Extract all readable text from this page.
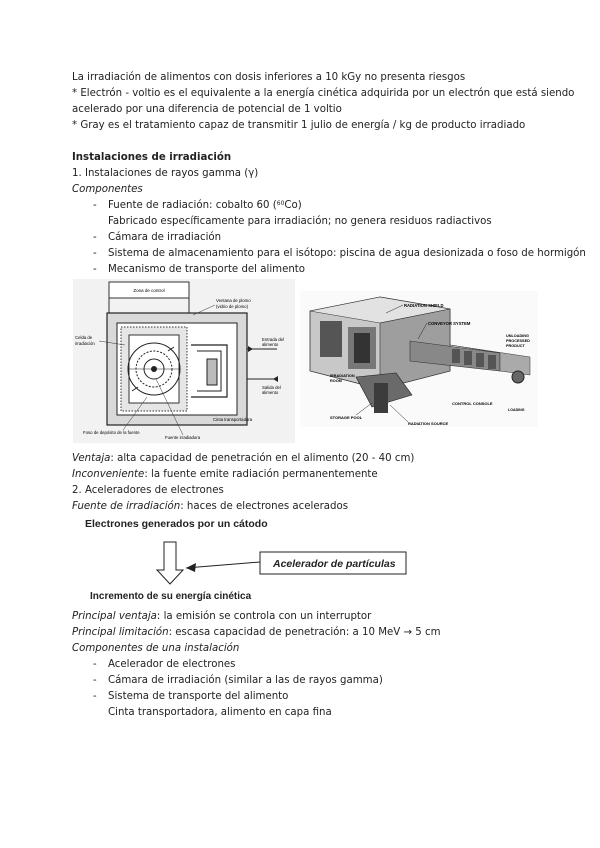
La irradiación de alimentos con dosis inferiores a 10 kGy no presenta riesgos
* Electrón - voltio es el equivalente a la energía cinética adquirida por un electrón que está siendo
acelerado por una diferencia de potencial de 1 voltio
* Gray es el tratamiento capaz de transmitir 1 julio de energía / kg de producto irradiado
Instalaciones de irradiación
1. Instalaciones de rayos gamma (γ)
Componentes
- Fuente de radiación: cobalto 60 ($^{60}$Co)
Fabricado específicamente para irradiación; no genera residuos radiactivos
- Cámara de irradiación
- Sistema de almacenamiento para el isótopo: piscina de agua desionizada o foso de hormigón
- Mecanismo de transporte del alimento
Zona de control
Ventana de plomo
(vidrio de plomo)
Celda de
irradiación
Entrada del
alimento
Salida del
alimento
Foso de depósito de la fuente
Fuente irradiadora
Cinta transportadora
RADIATION SHIELD
CONVEYOR SYSTEM
UNLOADING
PROCESSED
PRODUCT
IRRADIATION
ROOM
CONTROL CONSOLE
LOADING
STORAGE POOL
RADIATION SOURCE
Ventaja: alta capacidad de penetración en el alimento (20 - 40 cm)
Inconveniente: la fuente emite radiación permanentemente
2. Aceleradores de electrones
Fuente de irradiación: haces de electrones acelerados
Electrones generados por un cátodo
Acelerador de partículas
Incremento de su energía cinética
Principal ventaja: la emisión se controla con un interruptor
Principal limitación: escasa capacidad de penetración: a 10 MeV → 5 cm
Componentes de una instalación
- Acelerador de electrones
- Cámara de irradiación (similar a las de rayos gamma)
- Sistema de transporte del alimento
Cinta transportadora, alimento en capa fina
